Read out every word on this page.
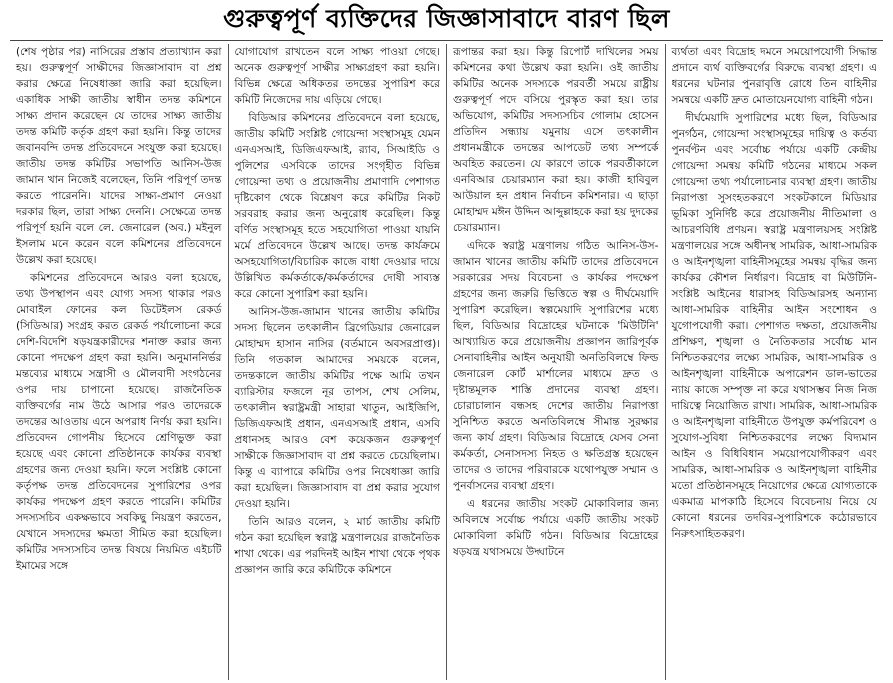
গুরুত্বপূর্ণ ব্যক্তিদের জিজ্ঞাসাবাদে বারণ ছিল

(শেষ পৃষ্ঠার পর) নাসিরের প্রস্তাব প্রত্যাখ্যান করা হয়। গুরুত্বপূর্ণ সাক্ষীদের জিজ্ঞাসাবাদ বা প্রশ্ন করার ক্ষেত্রে নিষেধাজ্ঞা জারি করা হয়েছিল। একাধিক সাক্ষী জাতীয় স্বাধীন তদন্ত কমিশনে সাক্ষ্য প্রদান করেছেন যে তাদের সাক্ষ্য জাতীয় তদন্ত কমিটি কর্তৃক গ্রহণ করা হয়নি। কিন্তু তাদের জবানবন্দি তদন্ত প্রতিবেদনে সংযুক্ত করা হয়েছে। জাতীয় তদন্ত কমিটির সভাপতি আনিস-উজ জামান খান নিজেই বলেছেন, তিনি পরিপূর্ণ তদন্ত করতে পারেননি। যাদের সাক্ষ্য-প্রমাণ নেওয়া দরকার ছিল, তারা সাক্ষ্য দেননি। সেক্ষেত্রে তদন্ত পরিপূর্ণ হয়নি বলে লে. জেনারেল (অব.) মইনুল ইসলাম মনে করেন বলে কমিশনের প্রতিবেদনে উল্লেখ করা হয়েছে।

কমিশনের প্রতিবেদনে আরও বলা হয়েছে, তথ্য উপস্থাপন এবং যোগ্য সদস্য থাকার পরও মোবাইল ফোনের কল ডিটেইলস রেকর্ড (সিডিআর) সংগ্রহ করত রেকর্ড পর্যালোচনা করে দেশি-বিদেশি ষড়যন্ত্রকারীদের শনাক্ত করার জন্য কোনো পদক্ষেপ গ্রহণ করা হয়নি। অনুমাননির্ভর মন্তব্যের মাধ্যমে সন্ত্রাসী ও মৌলবাদী সংগঠনের ওপর দায় চাপানো হয়েছে। রাজনৈতিক ব্যক্তিবর্গের নাম উঠে আসার পরও তাদেরকে তদন্তের আওতায় এনে অপরাধ নির্ণয় করা হয়নি। প্রতিবেদন গোপনীয় হিসেবে শ্রেণিভুক্ত করা হয়েছে এবং কোনো প্রতিষ্ঠানকে কার্যকর ব্যবস্থা গ্রহণের জন্য দেওয়া হয়নি। ফলে সংশ্লিষ্ট কোনো কর্তৃপক্ষ তদন্ত প্রতিবেদনের সুপারিশের ওপর কার্যকর পদক্ষেপ গ্রহণ করতে পারেনি। কমিটির সদস্যসচিব একক্ষভাবে সবকিছু নিয়ন্ত্রণ করতেন, যেখানে সদস্যদের ক্ষমতা সীমিত করা হয়েছিল। কমিটির সদস্যসচিব তদন্ত বিষয়ে নিয়মিত এইচটি ইমামের সঙ্গে

যোগাযোগ রাখতেন বলে সাক্ষ্য পাওয়া গেছে। অনেক গুরুত্বপূর্ণ সাক্ষীর সাক্ষ্যগ্রহণ করা হয়নি। বিভিন্ন ক্ষেত্রে অধিকতর তদন্তের সুপারিশ করে কমিটি নিজেদের দায় এড়িয়ে গেছে।

বিডিআর কমিশনের প্রতিবেদনে বলা হয়েছে, জাতীয় কমিটি সংশ্লিষ্ট গোয়েন্দা সংস্থাসমূহ যেমন এনএসআই, ডিজিএফআই, র‍্যাব, সিআইডি ও পুলিশের এসবিকে তাদের সংগৃহীত বিভিন্ন গোয়েন্দা তথ্য ও প্রয়োজনীয় প্রমাণাদি পেশাগত দৃষ্টিকোণ থেকে বিশ্লেষণ করে কমিটির নিকট সরবরাহ করার জন্য অনুরোধ করেছিল। কিন্তু বর্ণিত সংস্থাসমূহ হতে সহযোগিতা পাওয়া যায়নি মর্মে প্রতিবেদনে উল্লেখ আছে। তদন্ত কার্যক্রমে অসহযোগিতা/বিচারিক কাজে বাধা দেওয়ার দায়ে উল্লিখিত কর্মকর্তাকে/কর্মকর্তাদের দোষী সাব্যস্ত করে কোনো সুপারিশ করা হয়নি।

আনিস-উজ-জামান খানের জাতীয় কমিটির সদস্য ছিলেন তৎকালীন ব্রিগেডিয়ার জেনারেল মোহাম্মদ হাসান নাসির (বর্তমানে অবসরপ্রাপ্ত)। তিনি গতকাল আমাদের সময়কে বলেন, তদন্তকালে জাতীয় কমিটির পক্ষে আমি তখন ব্যারিস্টার ফজলে নূর তাপস, শেখ সেলিম, তৎকালীন স্বরাষ্ট্রমন্ত্রী সাহারা খাতুন, আইজিপি, ডিজিএফআই প্রধান, এনএসআই প্রধান, এসবি প্রধানসহ আরও বেশ কয়েকজন গুরুত্বপূর্ণ সাক্ষীকে জিজ্ঞাসাবাদ বা প্রশ্ন করতে চেয়েছিলাম। কিন্তু এ ব্যাপারে কমিটির ওপর নিষেধাজ্ঞা জারি করা হয়েছিল। জিজ্ঞাসাবাদ বা প্রশ্ন করার সুযোগ দেওয়া হয়নি।

তিনি আরও বলেন, ২ মার্চ জাতীয় কমিটি গঠন করা হয়েছিল স্বরাষ্ট্র মন্ত্রণালয়ের রাজনৈতিক শাখা থেকে। এর পরদিনই আইন শাখা থেকে পৃথক প্রজ্ঞাপন জারি করে কমিটিকে কমিশনে

রূপান্তর করা হয়। কিন্তু রিপোর্ট দাখিলের সময় কমিশনের কথা উল্লেখ করা হয়নি। ওই জাতীয় কমিটির অনেক সদস্যকে পরবর্তী সময়ে রাষ্ট্রীয় গুরুত্বপূর্ণ পদে বসিয়ে পুরস্কৃত করা হয়। তার অভিযোগ, কমিটির সদস্যসচিব গোলাম হোসেন প্রতিদিন সন্ধ্যায় যমুনায় এসে তৎকালীন প্রধানমন্ত্রীকে তদন্তের আপডেট তথ্য সম্পর্কে অবহিত করতেন। যে কারণে তাকে পরবর্তীকালে এনবিআর চেয়ারম্যান করা হয়। কাজী হাবিবুল আউয়াল হন প্রধান নির্বাচন কমিশনার। এ ছাড়া মোহাম্মদ মঈন উদ্দিন আব্দুল্লাহকে করা হয় দুদকের চেয়ারম্যান।

এদিকে স্বরাষ্ট্র মন্ত্রণালয় গঠিত আনিস-উস-জামান খানের জাতীয় কমিটি তাদের প্রতিবেদনে সরকারের সদয় বিবেচনা ও কার্যকর পদক্ষেপ গ্রহণের জন্য জরুরি ভিত্তিতে স্বল্প ও দীর্ঘমেয়াদি সুপারিশ করেছিল। স্বল্পমেয়াদি সুপারিশের মধ্যে ছিল, বিডিআর বিদ্রোহের ঘটনাকে 'মিউটিনি' আখ্যায়িত করে প্রয়োজনীয় প্রজ্ঞাপন জারিপূর্বক সেনাবাহিনীর আইন অনুযায়ী অনতিবিলম্বে ফিল্ড জেনারেল কোর্ট মার্শালের মাধ্যমে দ্রুত ও দৃষ্টান্তমূলক শাস্তি প্রদানের ব্যবস্থা গ্রহণ। চোরাচালান বন্ধসহ দেশের জাতীয় নিরাপত্তা সুনিশ্চিত করতে অনতিবিলম্বে সীমান্ত সুরক্ষার জন্য কার্য গ্রহণ। বিডিআর বিদ্রোহে যেসব সেনা কর্মকর্তা, সেনাসদস্য নিহত ও ক্ষতিগ্রস্ত হয়েছেন তাদের ও তাদের পরিবারকে যথোপযুক্ত সম্মান ও পুনর্বাসনের ব্যবস্থা গ্রহণ।

এ ধরনের জাতীয় সংকট মোকাবিলার জন্য অবিলম্বে সর্বোচ্চ পর্যায়ে একটি জাতীয় সংকট মোকাবিলা কমিটি গঠন। বিডিআর বিদ্রোহের ষড়যন্ত্র যথাসময়ে উদ্ঘাটনে

ব্যর্থতা এবং বিদ্রোহ দমনে সময়োপযোগী সিদ্ধান্ত প্রদানে ব্যর্থ ব্যক্তিবর্গের বিরুদ্ধে ব্যবস্থা গ্রহণ। এ ধরনের ঘটনার পুনরাবৃত্তি রোধে তিন বাহিনীর সমন্বয়ে একটি দ্রুত মোতায়েনযোগ্য বাহিনী গঠন।

দীর্ঘমেয়াদি সুপারিশের মধ্যে ছিল, বিডিআর পুনর্গঠন, গোয়েন্দা সংস্থাসমূহের দায়িত্ব ও কর্তব্য পুনর্বণ্টন এবং সর্বোচ্চ পর্যায়ে একটি কেন্দ্রীয় গোয়েন্দা সমন্বয় কমিটি গঠনের মাধ্যমে সকল গোয়েন্দা তথ্য পর্যালোচনার ব্যবস্থা গ্রহণ। জাতীয় নিরাপত্তা সুসংহতকরণে সংকটকালে মিডিয়ার ভূমিকা সুনির্দিষ্ট করে প্রয়োজনীয় নীতিমালা ও আচরণবিধি প্রণয়ন। স্বরাষ্ট্র মন্ত্রণালয়সহ সংশ্লিষ্ট মন্ত্রণালয়ের সঙ্গে অধীনস্থ সামরিক, আধা-সামরিক ও আইনশৃঙ্খলা বাহিনীসমূহের সমন্বয় বৃদ্ধির জন্য কার্যকর কৌশল নির্ধারণ। বিদ্রোহ বা মিউটিনি-সংশ্লিষ্ট আইনের ধারাসহ বিডিআরসহ অন্যান্য আধা-সামরিক বাহিনীর আইন সংশোধন ও যুগোপযোগী করা। পেশাগত দক্ষতা, প্রয়োজনীয় প্রশিক্ষণ, শৃঙ্খলা ও নৈতিকতার সর্বোচ্চ মান নিশ্চিতকরণের লক্ষ্যে সামরিক, আধা-সামরিক ও আইনশৃঙ্খলা বাহিনীকে অপারেশন ডাল-ভাতের ন্যায় কাজে সম্পৃক্ত না করে যথাসম্ভব নিজ নিজ দায়িত্বে নিয়োজিত রাখা। সামরিক, আধা-সামরিক ও আইনশৃঙ্খলা বাহিনীতে উপযুক্ত কর্মপরিবেশ ও সুযোগ-সুবিধা নিশ্চিতকরণের লক্ষ্যে বিদ্যমান আইন ও বিধিবিধান সময়োপযোগীকরণ এবং সামরিক, আধা-সামরিক ও আইনশৃঙ্খলা বাহিনীর মতো প্রতিষ্ঠানসমূহে নিয়োগের ক্ষেত্রে যোগ্যতাকে একমাত্র মাপকাঠি হিসেবে বিবেচনায় নিয়ে যে কোনো ধরনের তদবির-সুপারিশকে কঠোরভাবে নিরুৎসাহিতকরণ।
